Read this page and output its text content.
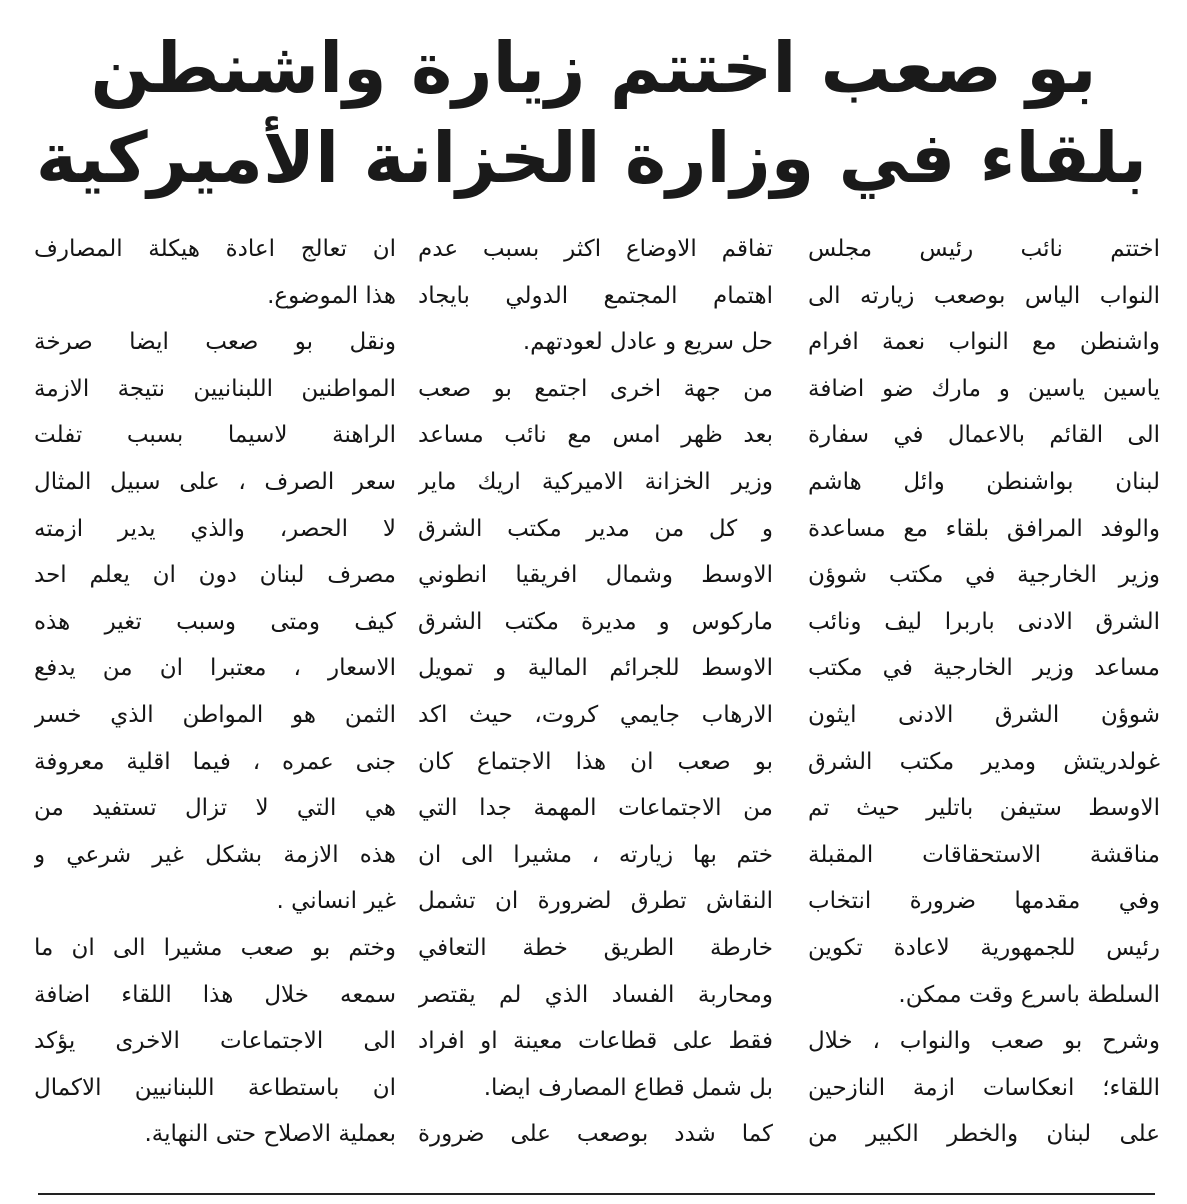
بو صعب اختتم زيارة واشنطن
بلقاء في وزارة الخزانة الأميركية
اختتم نائب رئيس مجلس
النواب الياس بوصعب زيارته الى
واشنطن مع النواب نعمة افرام
ياسين ياسين و مارك ضو اضافة
الى القائم بالاعمال في سفارة
لبنان بواشنطن وائل هاشم
والوفد المرافق بلقاء مع مساعدة
وزير الخارجية في مكتب شوؤن
الشرق الادنى باربرا ليف ونائب
مساعد وزير الخارجية في مكتب
شوؤن الشرق الادنى ايثون
غولدريتش ومدير مكتب الشرق
الاوسط ستيفن باتلير حيث تم
مناقشة الاستحقاقات المقبلة
وفي مقدمها ضرورة انتخاب
رئيس للجمهورية لاعادة تكوين
السلطة باسرع وقت ممكن.
وشرح بو صعب والنواب ، خلال
اللقاء؛ انعكاسات ازمة النازحين
على لبنان والخطر الكبير من
تفاقم الاوضاع اكثر بسبب عدم
اهتمام المجتمع الدولي بايجاد
حل سريع و عادل لعودتهم.
من جهة اخرى اجتمع بو صعب
بعد ظهر امس مع نائب مساعد
وزير الخزانة الاميركية اريك ماير
و كل من مدير مكتب الشرق
الاوسط وشمال افريقيا انطوني
ماركوس و مديرة مكتب الشرق
الاوسط للجرائم المالية و تمويل
الارهاب جايمي كروت، حيث اكد
بو صعب ان هذا الاجتماع كان
من الاجتماعات المهمة جدا التي
ختم بها زيارته ، مشيرا الى ان
النقاش تطرق لضرورة ان تشمل
خارطة الطريق خطة التعافي
ومحاربة الفساد الذي لم يقتصر
فقط على قطاعات معينة او افراد
بل شمل قطاع المصارف ايضا.
كما شدد بوصعب على ضرورة
ان تعالج اعادة هيكلة المصارف
هذا الموضوع.
ونقل بو صعب ايضا صرخة
المواطنين اللبنانيين نتيجة الازمة
الراهنة لاسيما بسبب تفلت
سعر الصرف ، على سبيل المثال
لا الحصر، والذي يدير ازمته
مصرف لبنان دون ان يعلم احد
كيف ومتى وسبب تغير هذه
الاسعار ، معتبرا ان من يدفع
الثمن هو المواطن الذي خسر
جنى عمره ، فيما اقلية معروفة
هي التي لا تزال تستفيد من
هذه الازمة بشكل غير شرعي و
غير انساني .
وختم بو صعب مشيرا الى ان ما
سمعه خلال هذا اللقاء اضافة
الى الاجتماعات الاخرى يؤكد
ان باستطاعة اللبنانيين الاكمال
بعملية الاصلاح حتى النهاية.
